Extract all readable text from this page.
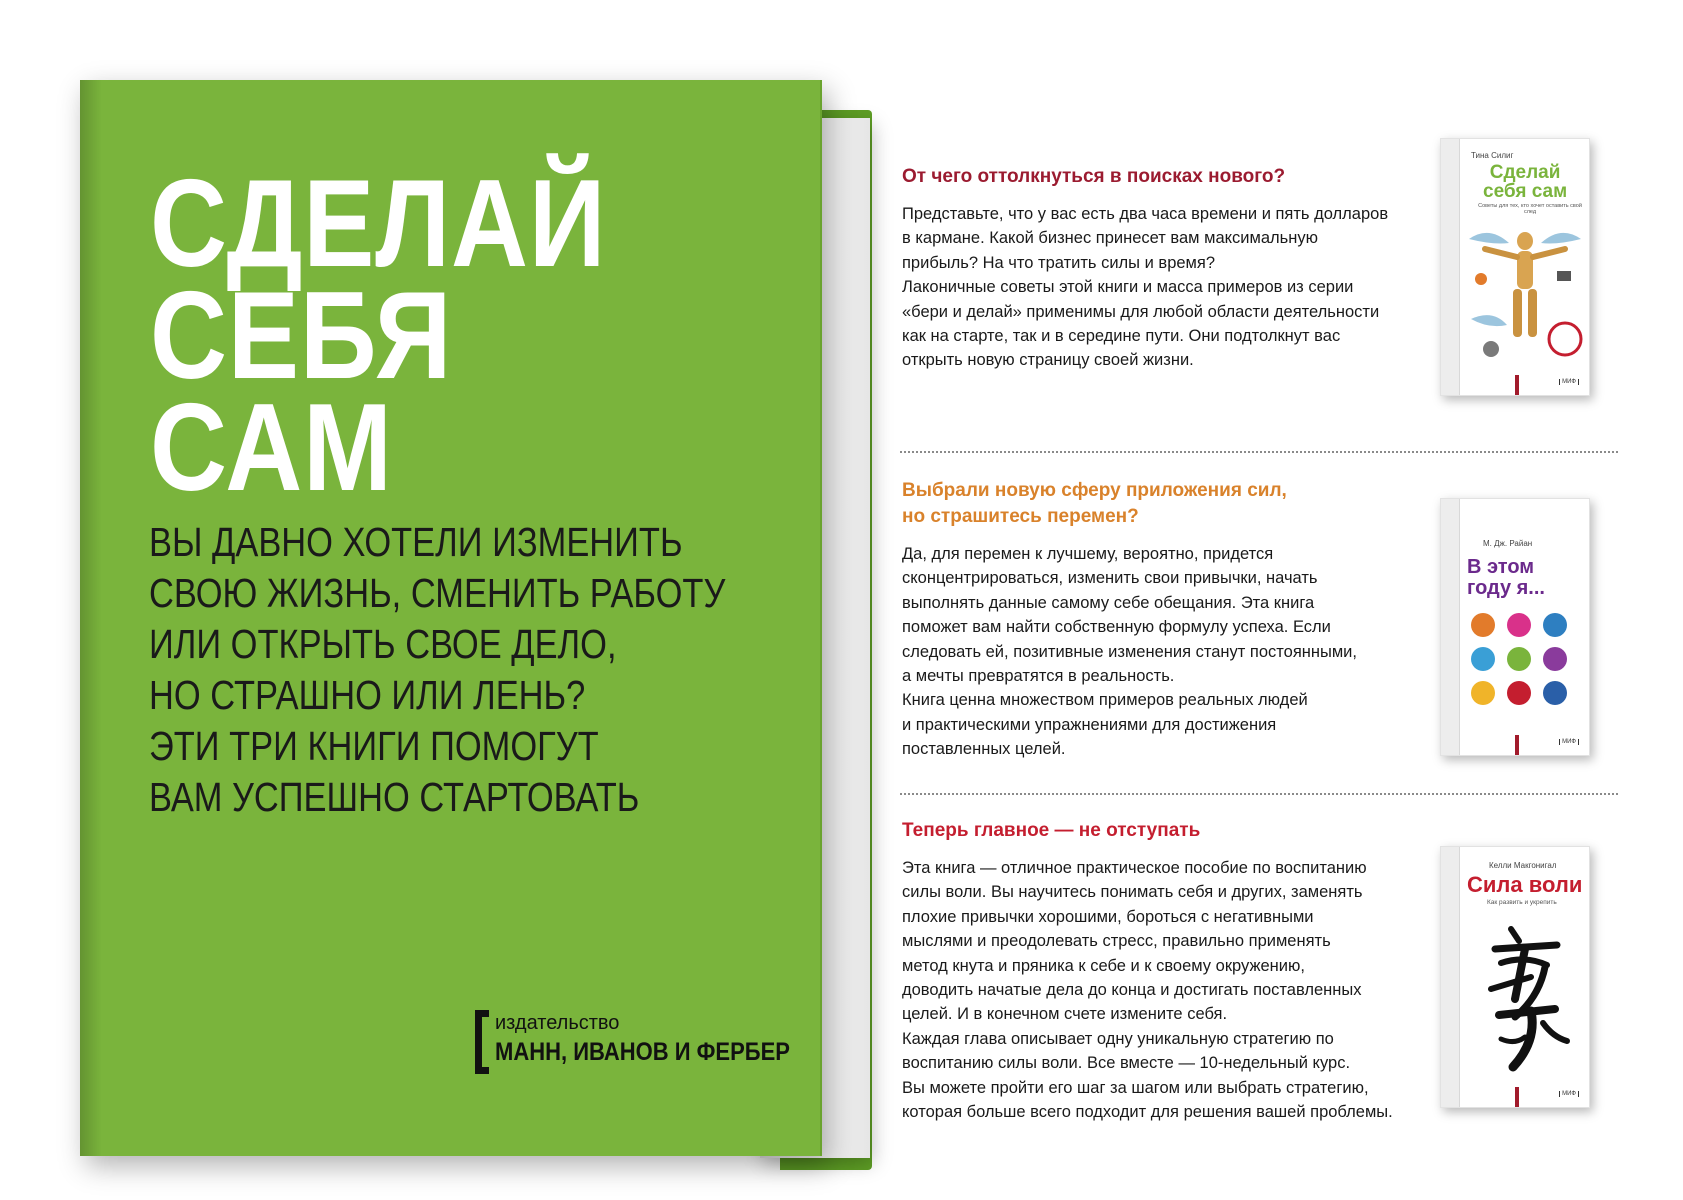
СДЕЛАЙ
СЕБЯ
САМ

ВЫ ДАВНО ХОТЕЛИ ИЗМЕНИТЬ
СВОЮ ЖИЗНЬ, СМЕНИТЬ РАБОТУ
ИЛИ ОТКРЫТЬ СВОЕ ДЕЛО,
НО СТРАШНО ИЛИ ЛЕНЬ?
ЭТИ ТРИ КНИГИ ПОМОГУТ
ВАМ УСПЕШНО СТАРТОВАТЬ

издательство
МАНН, ИВАНОВ И ФЕРБЕР
От чего оттолкнуться в поисках нового?

Представьте, что у вас есть два часа времени и пять долларов
в кармане. Какой бизнес принесет вам максимальную
прибыль? На что тратить силы и время?
Лаконичные советы этой книги и масса примеров из серии
«бери и делай» применимы для любой области деятельности
как на старте, так и в середине пути. Они подтолкнут вас
открыть новую страницу своей жизни.

Тина Силиг
Сделай
себя сам
Советы для тех, кто хочет оставить свой след
МИФ
Выбрали новую сферу приложения сил,
но страшитесь перемен?

Да, для перемен к лучшему, вероятно, придется
сконцентрироваться, изменить свои привычки, начать
выполнять данные самому себе обещания. Эта книга
поможет вам найти собственную формулу успеха. Если
следовать ей, позитивные изменения станут постоянными,
а мечты превратятся в реальность.
Книга ценна множеством примеров реальных людей
и практическими упражнениями для достижения
поставленных целей.

М. Дж. Райан
В этом
году я...
МИФ
Теперь главное — не отступать

Эта книга — отличное практическое пособие по воспитанию
силы воли. Вы научитесь понимать себя и других, заменять
плохие привычки хорошими, бороться с негативными
мыслями и преодолевать стресс, правильно применять
метод кнута и пряника к себе и к своему окружению,
доводить начатые дела до конца и достигать поставленных
целей. И в конечном счете измените себя.
Каждая глава описывает одну уникальную стратегию по
воспитанию силы воли. Все вместе — 10-недельный курс.
Вы можете пройти его шаг за шагом или выбрать стратегию,
которая больше всего подходит для решения вашей проблемы.

Келли Макгонигал
Сила воли
Как развить и укрепить
МИФ
